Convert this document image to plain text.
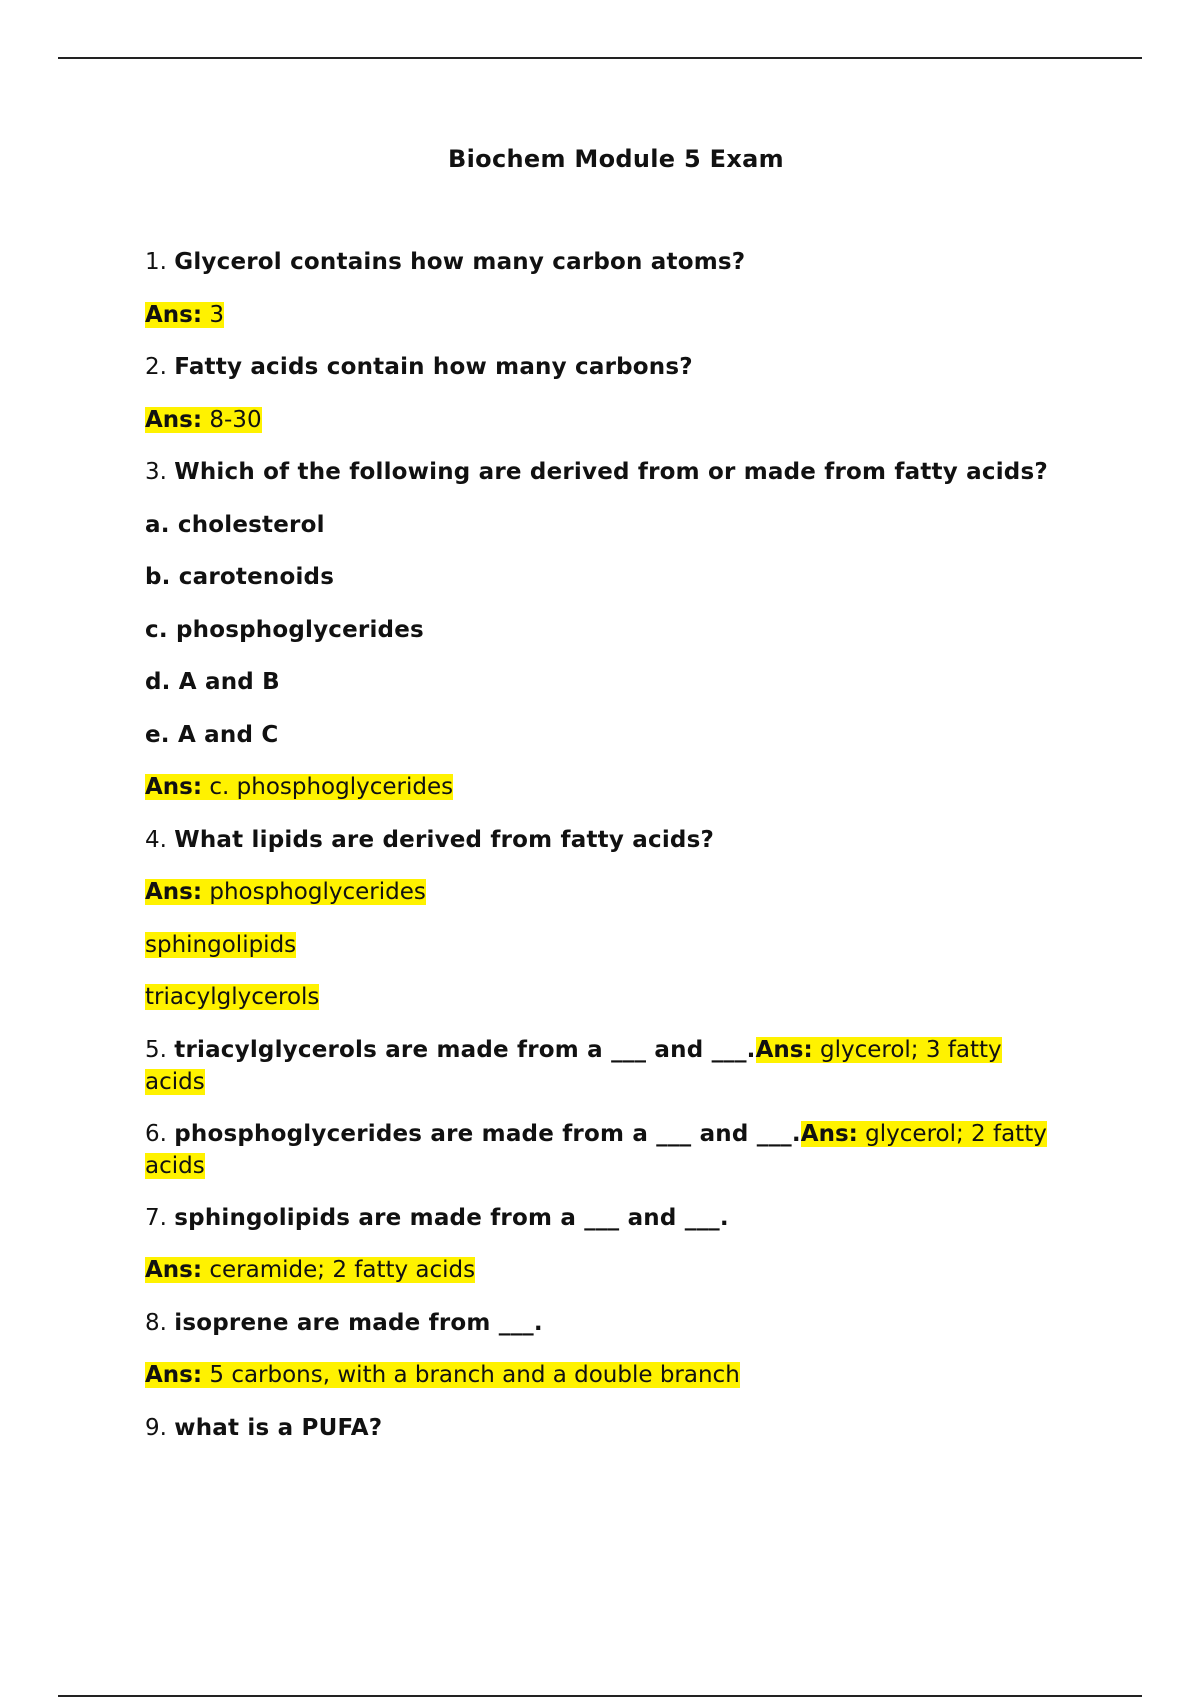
Biochem Module 5 Exam
1. Glycerol contains how many carbon atoms?
Ans: 3
2. Fatty acids contain how many carbons?
Ans: 8-30
3. Which of the following are derived from or made from fatty acids?
a. cholesterol
b. carotenoids
c. phosphoglycerides
d. A and B
e. A and C
Ans: c. phosphoglycerides
4. What lipids are derived from fatty acids?
Ans: phosphoglycerides
sphingolipids
triacylglycerols
5. triacylglycerols are made from a ___ and ___.Ans: glycerol; 3 fatty
acids
6. phosphoglycerides are made from a ___ and ___.Ans: glycerol; 2 fatty
acids
7. sphingolipids are made from a ___ and ___.
Ans: ceramide; 2 fatty acids
8. isoprene are made from ___.
Ans: 5 carbons, with a branch and a double branch
9. what is a PUFA?
